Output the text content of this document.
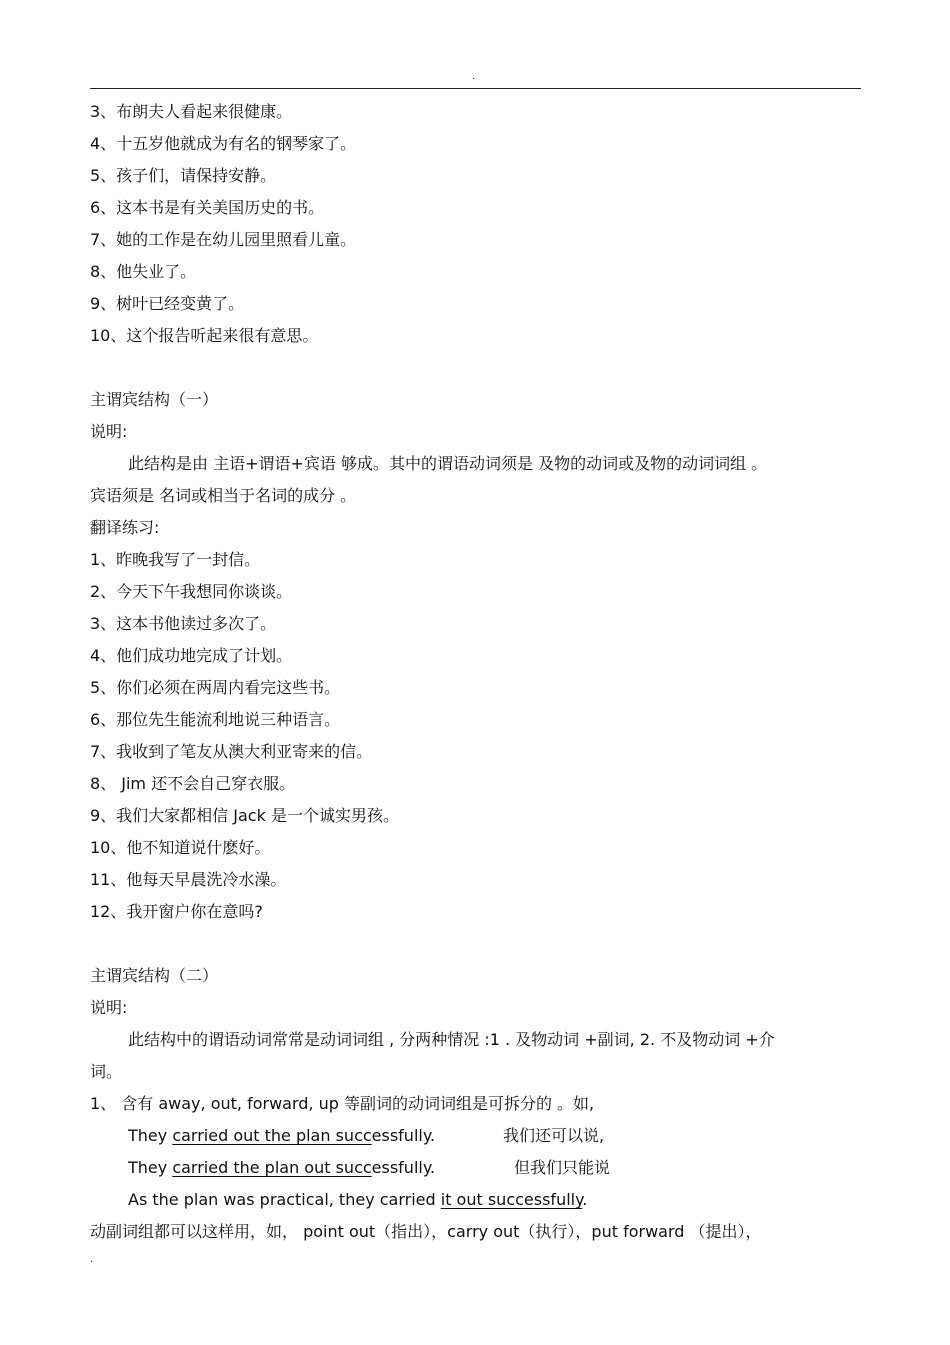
.
3、布朗夫人看起来很健康。
4、十五岁他就成为有名的钢琴家了。
5、孩子们，请保持安静。
6、这本书是有关美国历史的书。
7、她的工作是在幼儿园里照看儿童。
8、他失业了。
9、树叶已经变黄了。
10、这个报告听起来很有意思。
主谓宾结构（一）
说明:
此结构是由 主语+谓语+宾语 够成。其中的谓语动词须是 及物的动词或及物的动词词组 。
宾语须是 名词或相当于名词的成分 。
翻译练习:
1、昨晚我写了一封信。
2、今天下午我想同你谈谈。
3、这本书他读过多次了。
4、他们成功地完成了计划。
5、你们必须在两周内看完这些书。
6、那位先生能流利地说三种语言。
7、我收到了笔友从澳大利亚寄来的信。
8、 Jim 还不会自己穿衣服。
9、我们大家都相信 Jack 是一个诚实男孩。
10、他不知道说什麽好。
11、他每天早晨洗冷水澡。
12、我开窗户你在意吗?
主谓宾结构（二）
说明:
此结构中的谓语动词常常是动词词组 , 分两种情况 :1 . 及物动词 +副词, 2. 不及物动词 +介
词。
1、 含有 away, out, forward, up 等副词的动词词组是可拆分的 。如,
They carried out the plan successfully.	我们还可以说,
They carried the plan out successfully.	但我们只能说
As the plan was practical, they carried it out successfully.
动副词组都可以这样用，如， point out（指出），carry out（执行），put forward （提出），
.
